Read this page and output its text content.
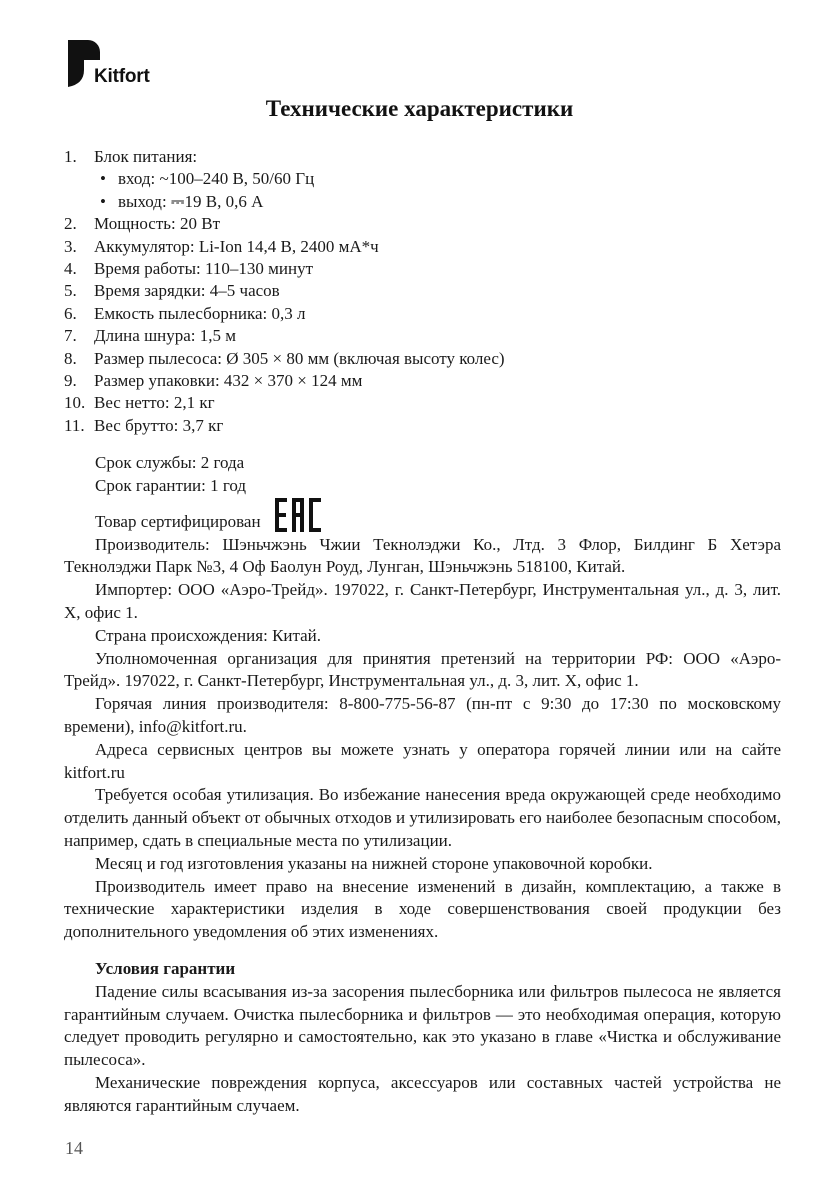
Kitfort
Технические характеристики
1. Блок питания:
• вход: ~100–240 В, 50/60 Гц
• выход: ⎓19 В, 0,6 А
2. Мощность: 20 Вт
3. Аккумулятор: Li-Ion 14,4 В, 2400 мА*ч
4. Время работы: 110–130 минут
5. Время зарядки: 4–5 часов
6. Емкость пылесборника: 0,3 л
7. Длина шнура: 1,5 м
8. Размер пылесоса: Ø 305 × 80 мм (включая высоту колес)
9. Размер упаковки: 432 × 370 × 124 мм
10. Вес нетто: 2,1 кг
11. Вес брутто: 3,7 кг

Срок службы: 2 года

Срок гарантии: 1 год

Товар сертифицирован

Производитель: Шэньчжэнь Чжии Текнолэджи Ко., Лтд. 3 Флор, Билдинг Б Хетэра Текнолэджи Парк №3, 4 Оф Баолун Роуд, Лунган, Шэньчжэнь 518100, Китай.

Импортер: ООО «Аэро-Трейд». 197022, г. Санкт-Петербург, Инструментальная ул., д. 3, лит. Х, офис 1.

Страна происхождения: Китай.

Уполномоченная организация для принятия претензий на территории РФ: ООО «Аэро-Трейд». 197022, г. Санкт-Петербург, Инструментальная ул., д. 3, лит. Х, офис 1.

Горячая линия производителя: 8-800-775-56-87 (пн-пт с 9:30 до 17:30 по московскому времени), info@kitfort.ru.

Адреса сервисных центров вы можете узнать у оператора горячей линии или на сайте kitfort.ru

Требуется особая утилизация. Во избежание нанесения вреда окружающей среде необходимо отделить данный объект от обычных отходов и утилизировать его наиболее безопасным способом, например, сдать в специальные места по утилизации.

Месяц и год изготовления указаны на нижней стороне упаковочной коробки.

Производитель имеет право на внесение изменений в дизайн, комплектацию, а также в технические характеристики изделия в ходе совершенствования своей продукции без дополнительного уведомления об этих изменениях.

Условия гарантии

Падение силы всасывания из-за засорения пылесборника или фильтров пылесоса не является гарантийным случаем. Очистка пылесборника и фильтров — это необходимая операция, которую следует проводить регулярно и самостоятельно, как это указано в главе «Чистка и обслуживание пылесоса».

Механические повреждения корпуса, аксессуаров или составных частей устройства не являются гарантийным случаем.

14
